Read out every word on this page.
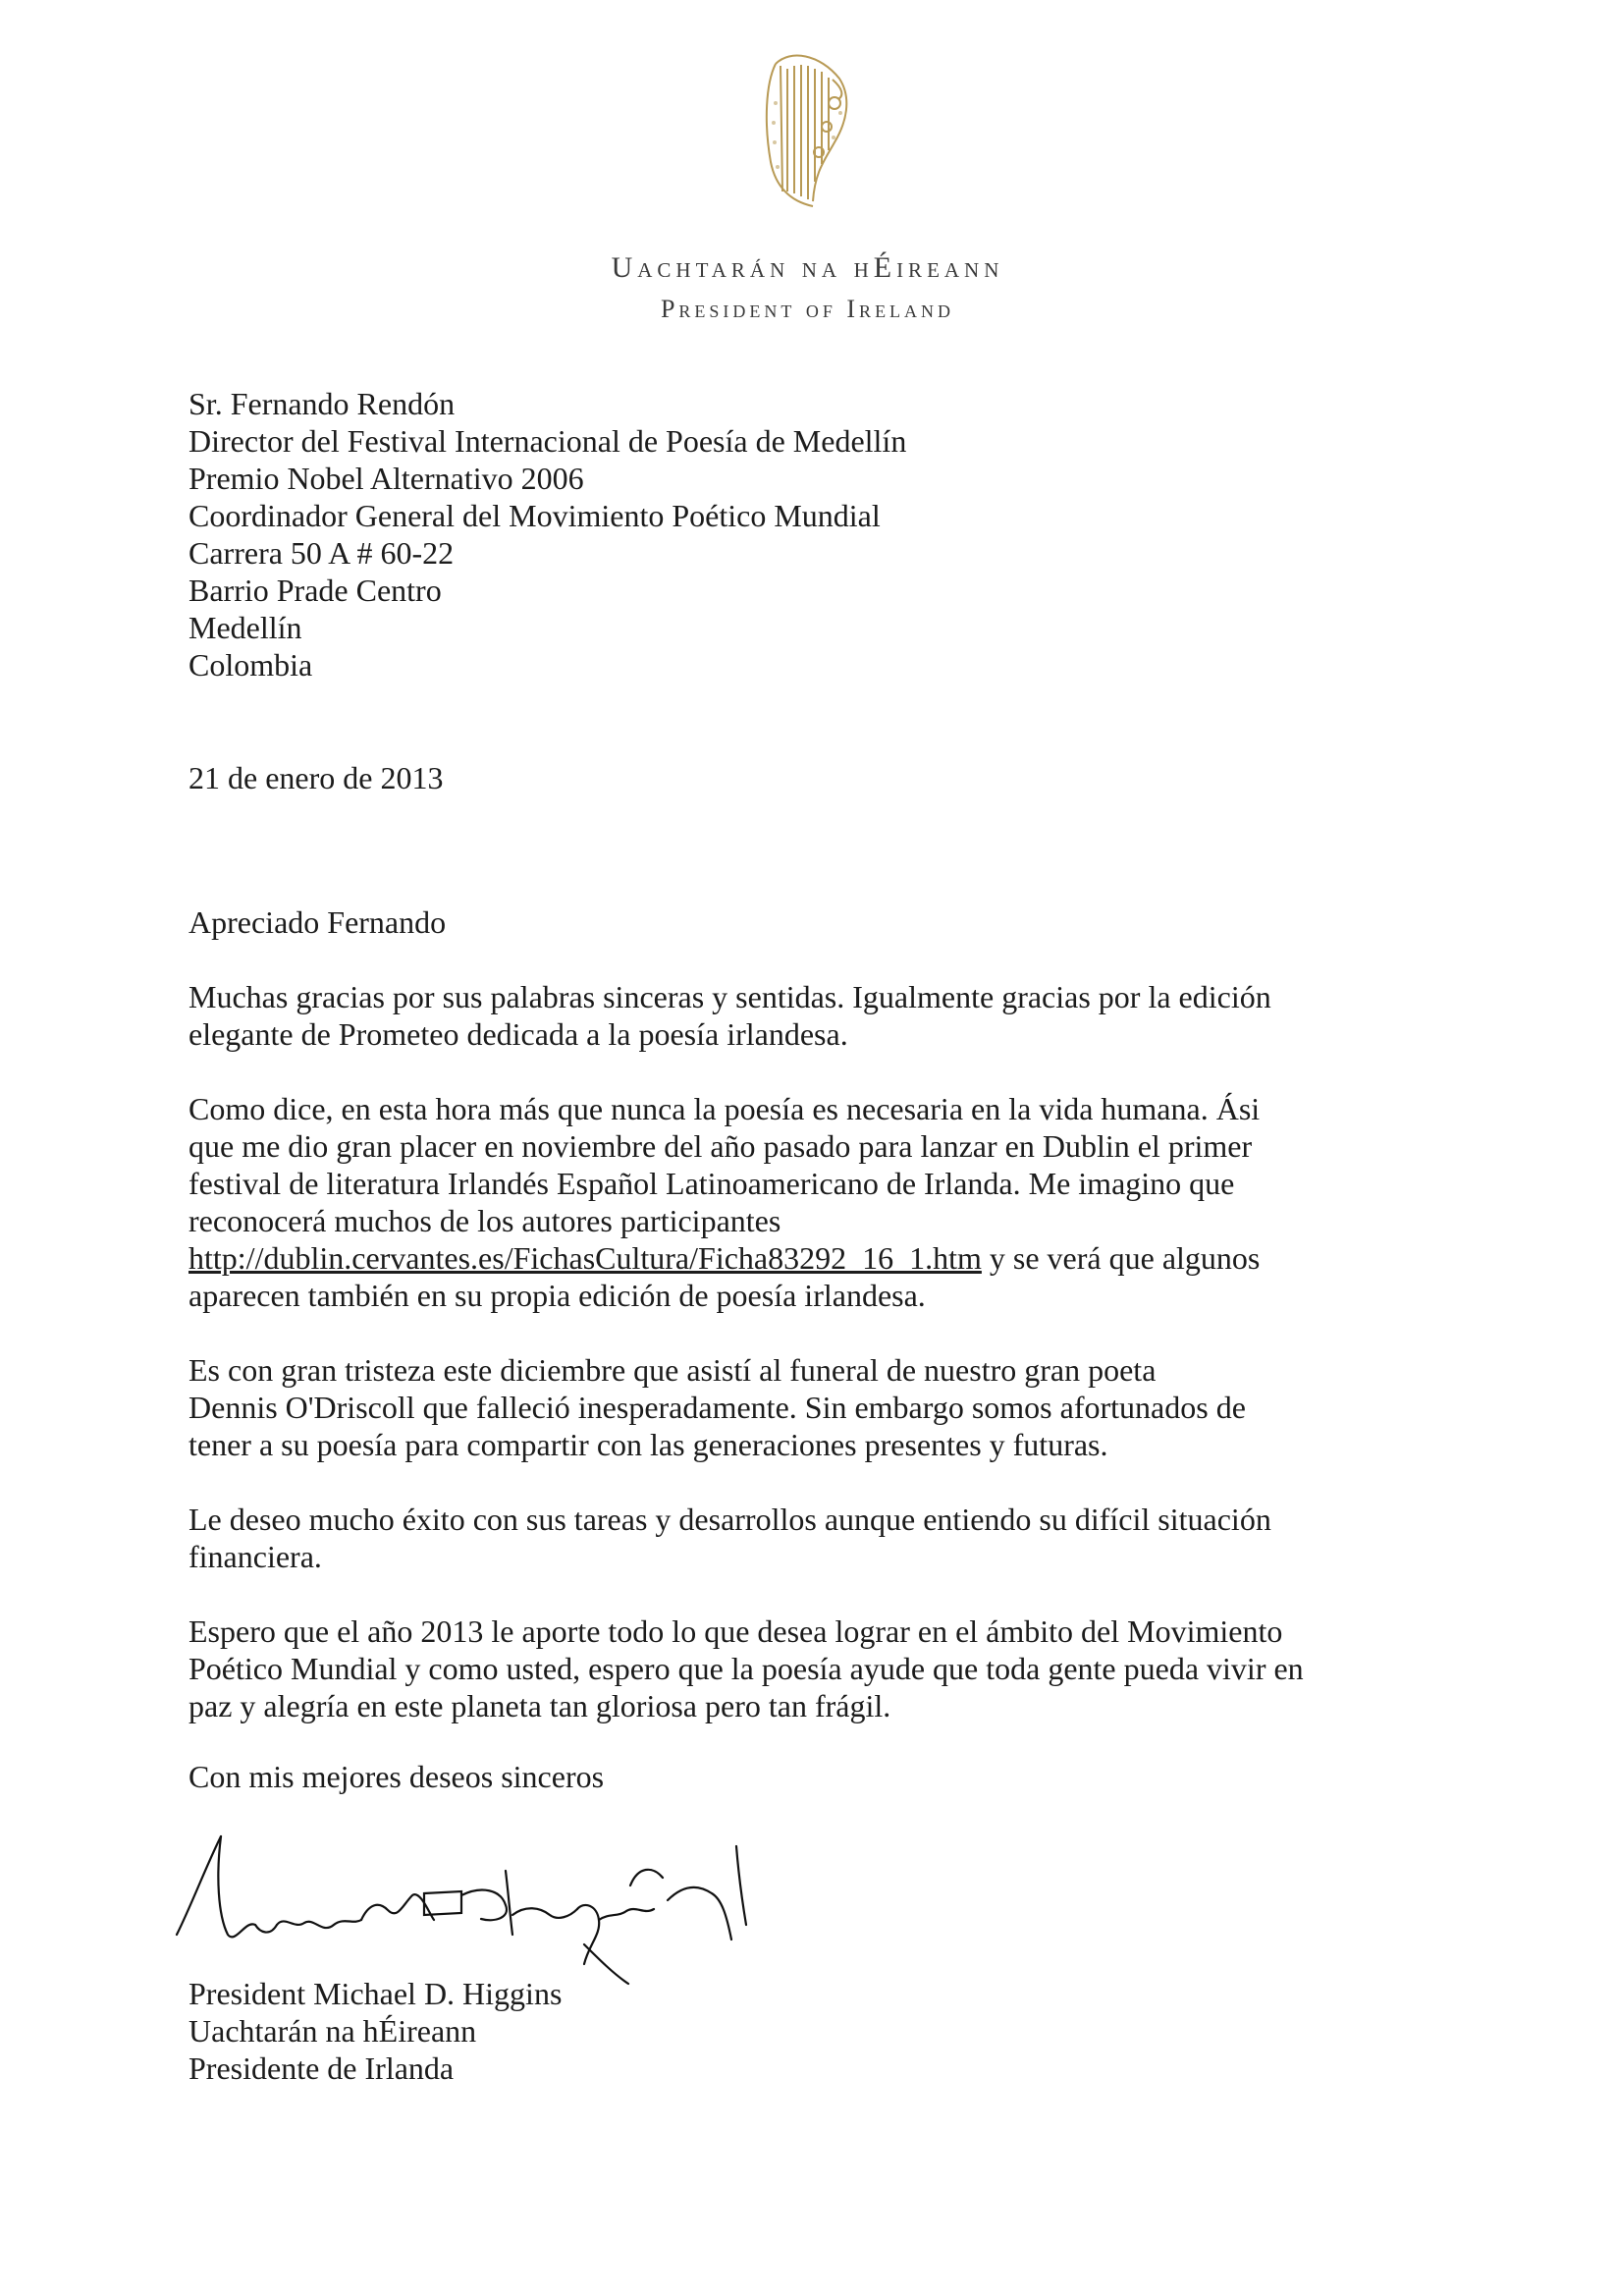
Uachtarán na hÉireann
President of Ireland
Sr. Fernando Rendón
Director del Festival Internacional de Poesía de Medellín
Premio Nobel Alternativo 2006
Coordinador General del Movimiento Poético Mundial
Carrera 50 A # 60-22
Barrio Prade Centro
Medellín
Colombia
21 de enero de 2013
Apreciado Fernando
Muchas gracias por sus palabras sinceras y sentidas. Igualmente gracias por la edición
elegante de Prometeo dedicada a la poesía irlandesa.
Como dice, en esta hora más que nunca la poesía es necesaria en la vida humana. Ási
que me dio gran placer en noviembre del año pasado para lanzar en Dublin el primer
festival de literatura Irlandés Español Latinoamericano de Irlanda. Me imagino que
reconocerá muchos de los autores participantes
http://dublin.cervantes.es/FichasCultura/Ficha83292_16_1.htm y se verá que algunos
aparecen también en su propia edición de poesía irlandesa.
Es con gran tristeza este diciembre que asistí al funeral de nuestro gran poeta
Dennis O'Driscoll que falleció inesperadamente. Sin embargo somos afortunados de
tener a su poesía para compartir con las generaciones presentes y futuras.
Le deseo mucho éxito con sus tareas y desarrollos aunque entiendo su difícil situación
financiera.
Espero que el año 2013 le aporte todo lo que desea lograr en el ámbito del Movimiento
Poético Mundial y como usted, espero que la poesía ayude que toda gente pueda vivir en
paz y alegría en este planeta tan gloriosa pero tan frágil.
Con mis mejores deseos sinceros
President Michael D. Higgins
Uachtarán na hÉireann
Presidente de Irlanda
